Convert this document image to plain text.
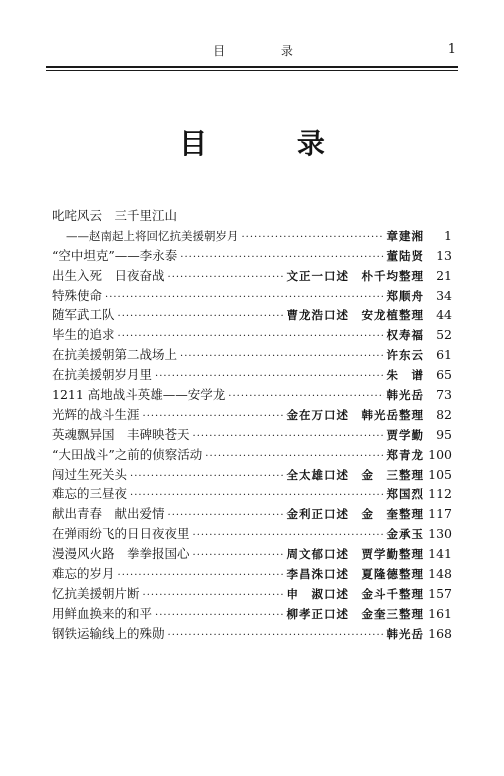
目 录	1
目 录
叱咤风云　三千里江山
——赵南起上将回忆抗美援朝岁月 ·····	章建湘	1
“空中坦克”——李永泰 ·····	董陆贤 13
出生入死　日夜奋战 ·····	文正一口述　朴千均整理 21
特殊使命 ·····	郑顺舟 34
随军武工队 ·····	曹龙浩口述　安龙植整理 44
毕生的追求 ·····	权寿福 52
在抗美援朝第二战场上 ·····	许东云 61
在抗美援朝岁月里 ·····	朱　谱 65
1211 高地战斗英雄——安学龙 ·····	韩光岳 73
光辉的战斗生涯 ·····	金在万口述　韩光岳整理 82
英魂飘异国　丰碑映苍天 ·····	贾学勤 95
“大田战斗”之前的侦察活动 ·····	郑青龙 100
闯过生死关头 ·····	全太雄口述　金　三整理 105
难忘的三昼夜 ·····	郑国烈 112
献出青春　献出爱情 ·····	金利正口述　金　奎整理 117
在弹雨纷飞的日日夜夜里 ·····	金承玉 130
漫漫风火路　拳拳报国心 ·····	周文郁口述　贾学勤整理 141
难忘的岁月 ·····	李昌洙口述　夏隆德整理 148
忆抗美援朝片断 ·····	申　淑口述　金斗千整理 157
用鲜血换来的和平 ·····	柳孝正口述　金奎三整理 161
钢铁运输线上的殊勋 ·····	韩光岳 168
